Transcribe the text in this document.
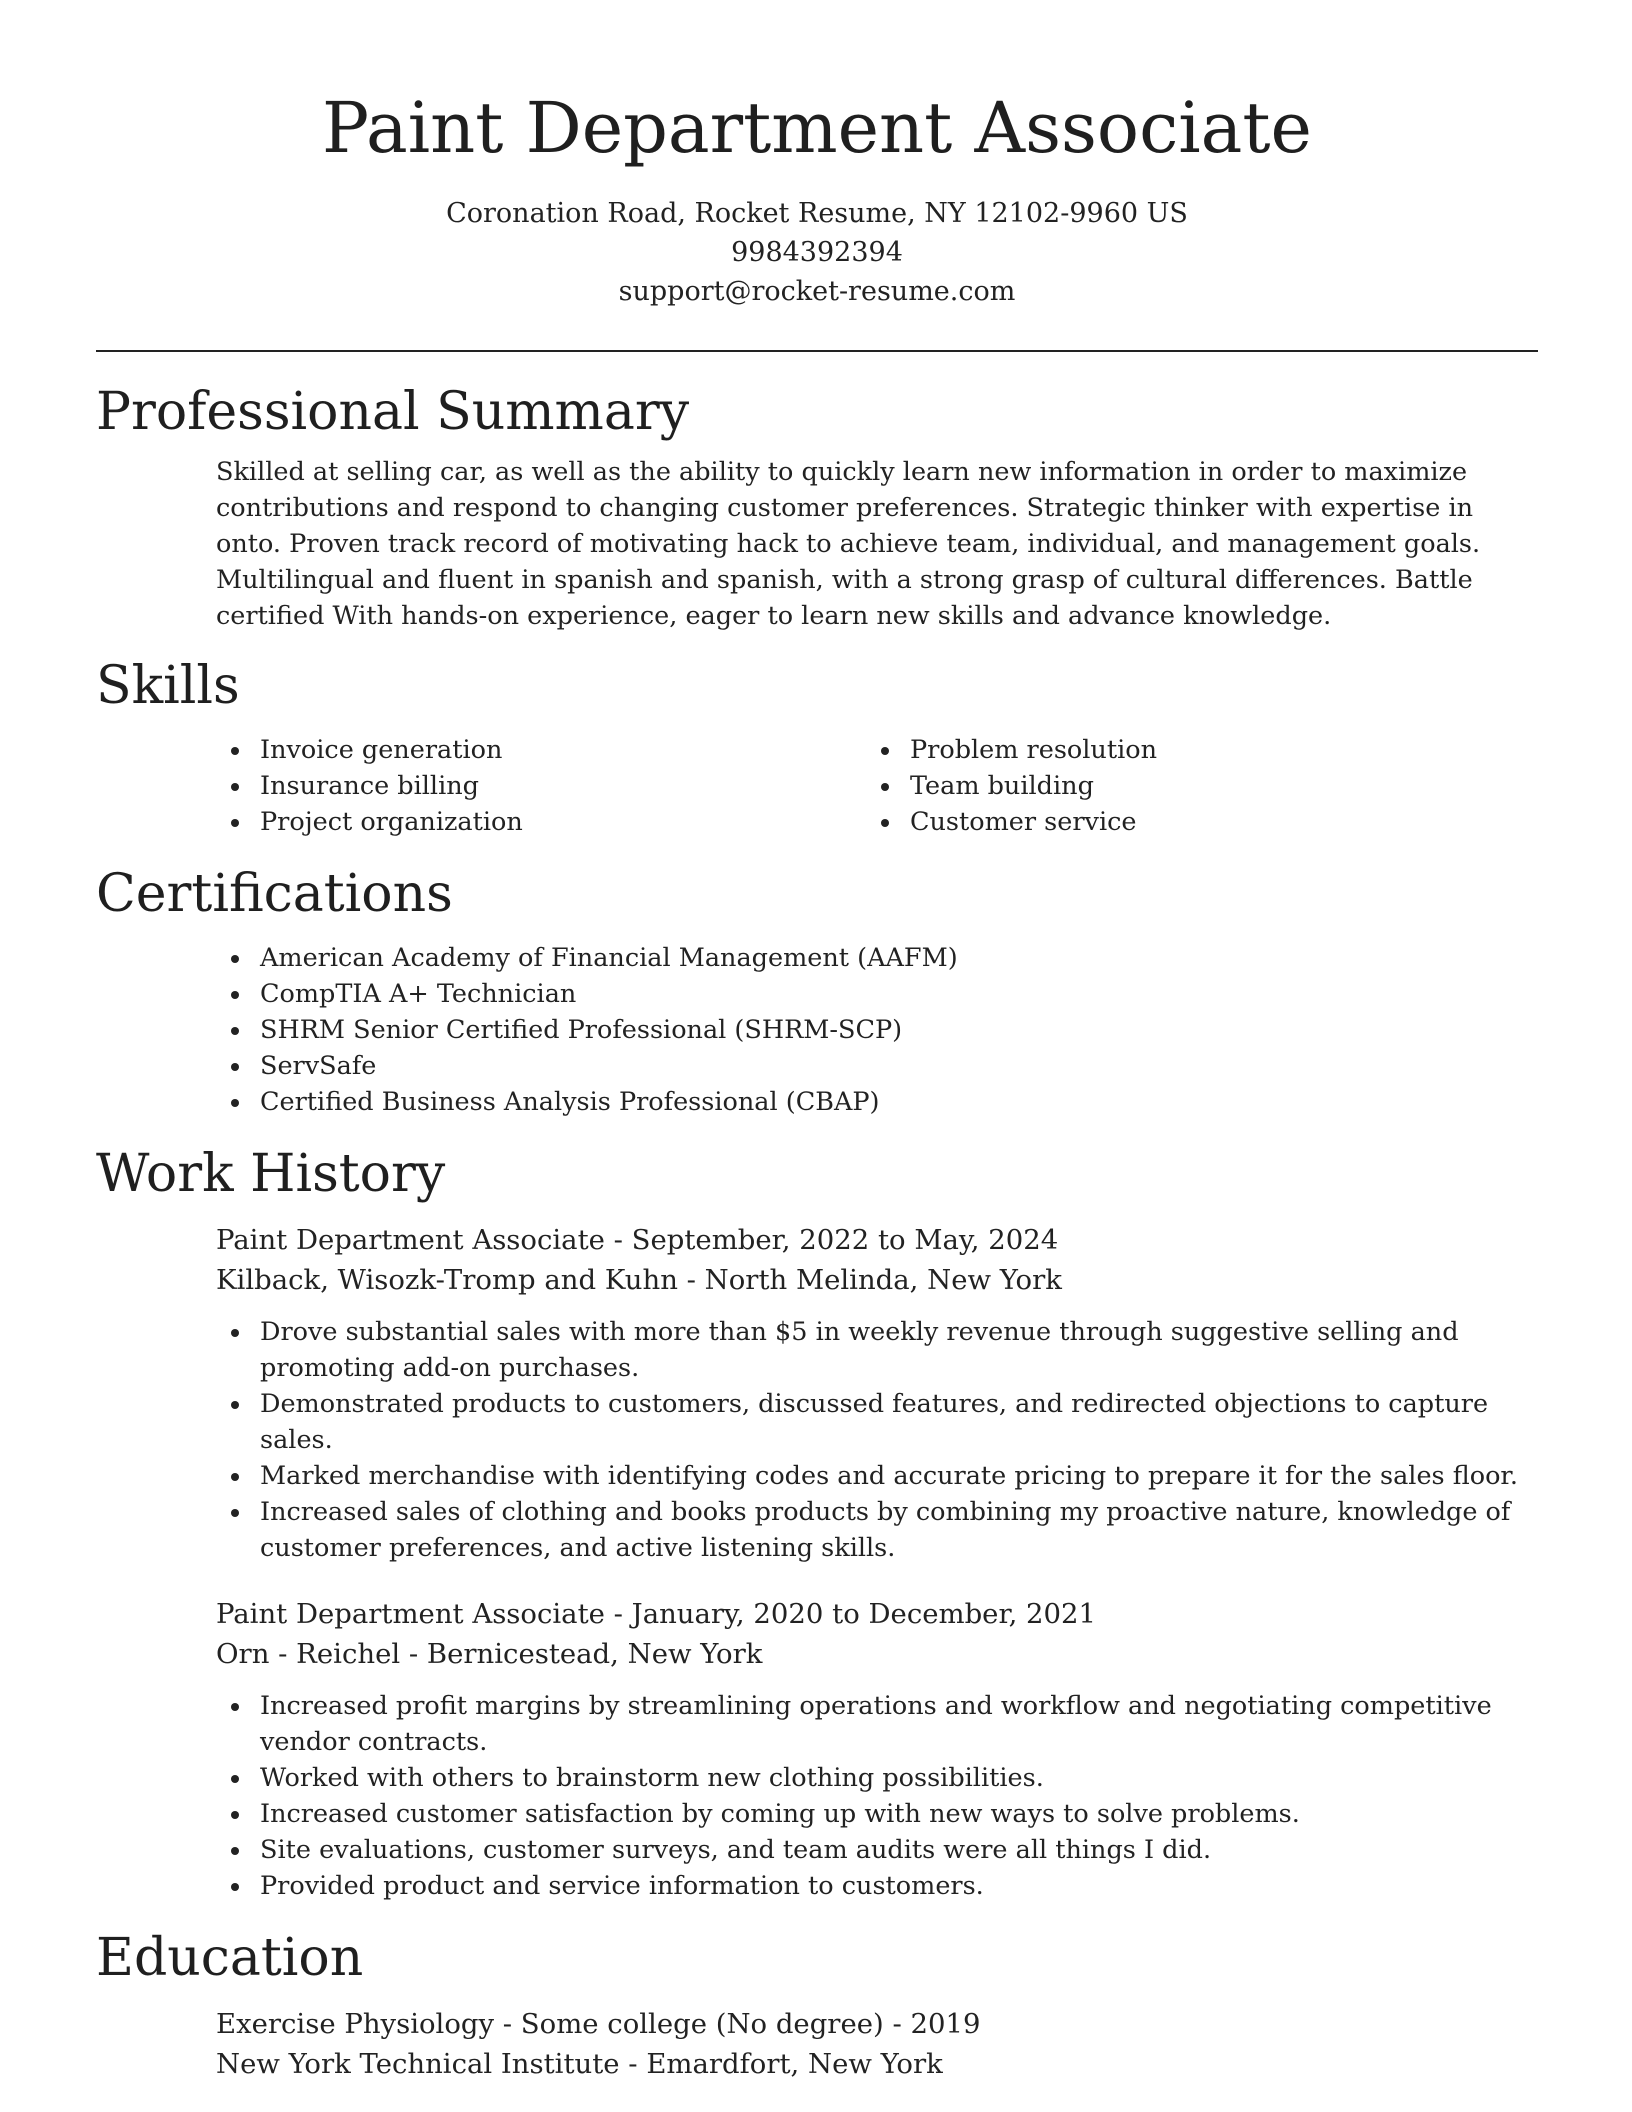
Paint Department Associate
Coronation Road, Rocket Resume, NY 12102-9960 US
9984392394
support@rocket-resume.com
Professional Summary

Skilled at selling car, as well as the ability to quickly learn new information in order to maximize contributions and respond to changing customer preferences. Strategic thinker with expertise in onto. Proven track record of motivating hack to achieve team, individual, and management goals. Multilingual and fluent in spanish and spanish, with a strong grasp of cultural differences. Battle certified With hands-on experience, eager to learn new skills and advance knowledge.

Skills
Invoice generation
Insurance billing
Project organization
Problem resolution
Team building
Customer service
Certifications
American Academy of Financial Management (AAFM)
CompTIA A+ Technician
SHRM Senior Certified Professional (SHRM-SCP)
ServSafe
Certified Business Analysis Professional (CBAP)
Work History
Paint Department Associate - September, 2022 to May, 2024
Kilback, Wisozk-Tromp and Kuhn - North Melinda, New York
Drove substantial sales with more than $5 in weekly revenue through suggestive selling and promoting add-on purchases.
Demonstrated products to customers, discussed features, and redirected objections to capture sales.
Marked merchandise with identifying codes and accurate pricing to prepare it for the sales floor.
Increased sales of clothing and books products by combining my proactive nature, knowledge of customer preferences, and active listening skills.
Paint Department Associate - January, 2020 to December, 2021
Orn - Reichel - Bernicestead, New York
Increased profit margins by streamlining operations and workflow and negotiating competitive vendor contracts.
Worked with others to brainstorm new clothing possibilities.
Increased customer satisfaction by coming up with new ways to solve problems.
Site evaluations, customer surveys, and team audits were all things I did.
Provided product and service information to customers.
Education
Exercise Physiology - Some college (No degree) - 2019
New York Technical Institute - Emardfort, New York
